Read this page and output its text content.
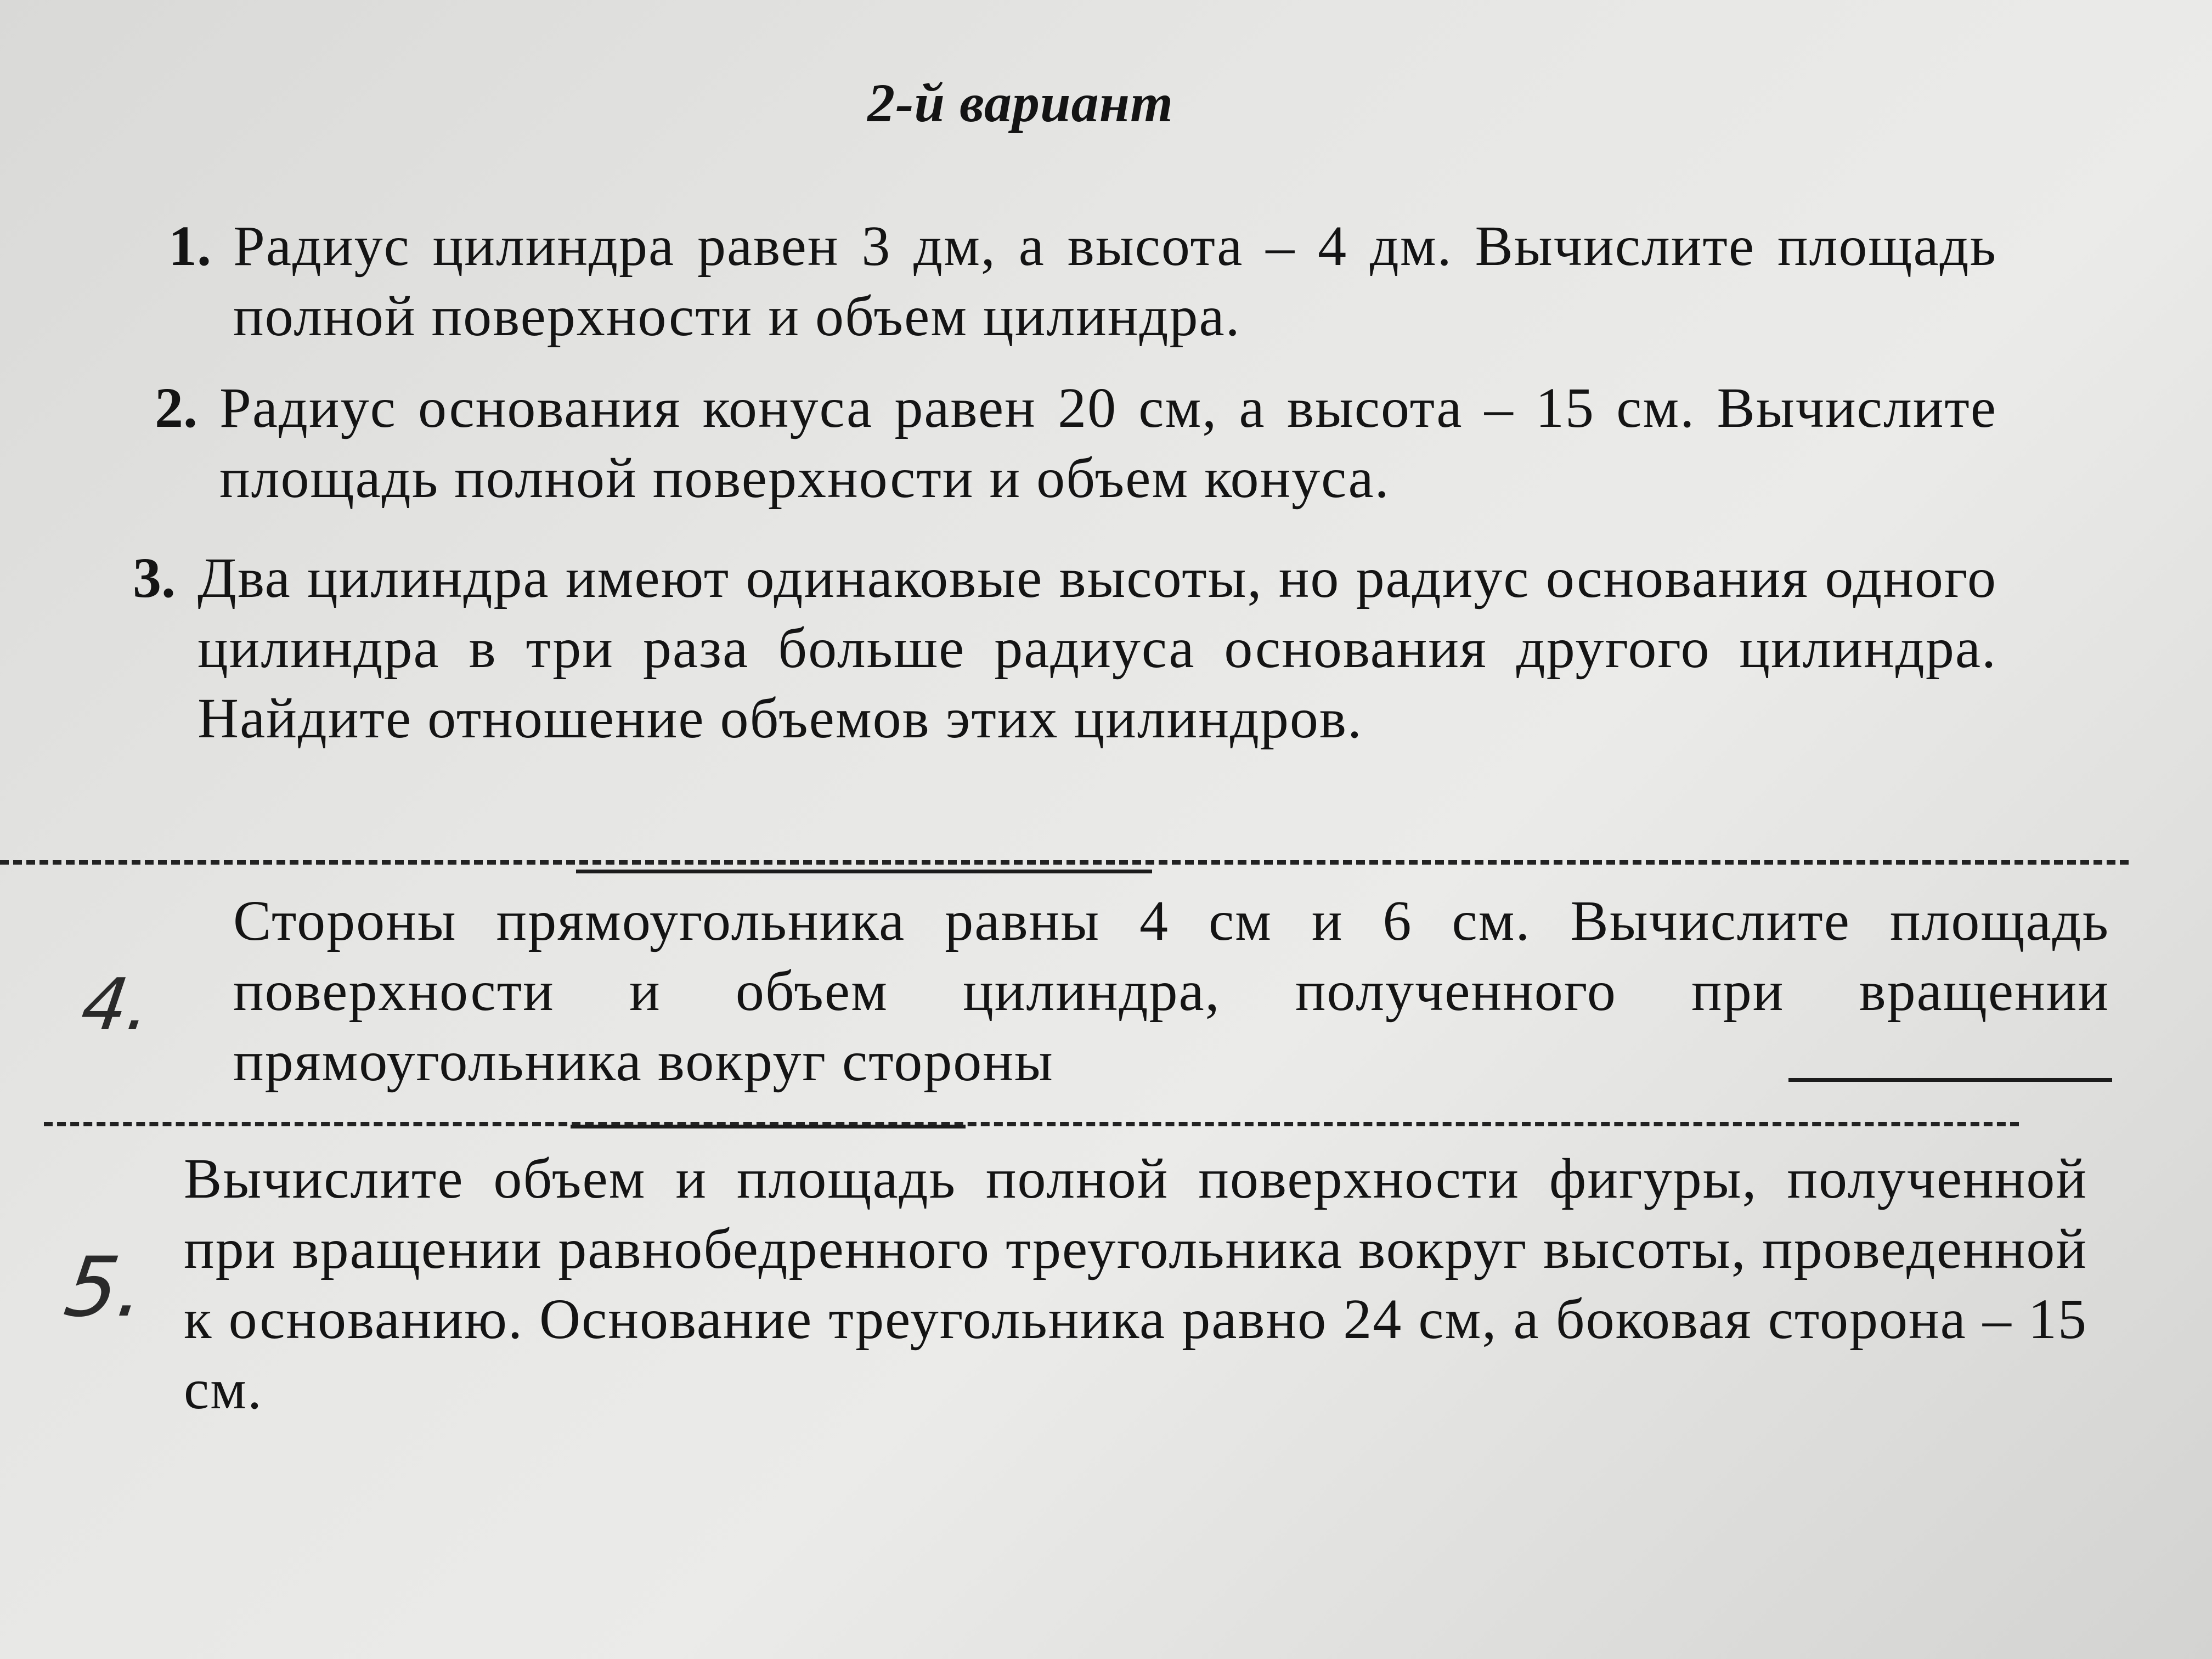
2-й вариант
1. Радиус цилиндра равен 3 дм, а высота – 4 дм. Вычислите площадь полной поверхности и объем цилиндра.
2. Радиус основания конуса равен 20 см, а высота – 15 см. Вычислите площадь полной поверхности и объем конуса.
3. Два цилиндра имеют одинаковые высоты, но радиус основания одного цилиндра в три раза больше радиуса основания другого цилиндра. Найдите отношение объемов этих цилиндров.
Стороны прямоугольника равны 4 см и 6 см. Вычислите площадь поверхности и объем цилиндра, полученного при вращении прямоугольника вокруг стороны
4.
Вычислите объем и площадь полной поверхности фигуры, полученной при вращении равнобедренного треугольника вокруг высоты, проведенной к основанию. Основание треугольника равно 24 см, а боковая сторона – 15 см.
5.
